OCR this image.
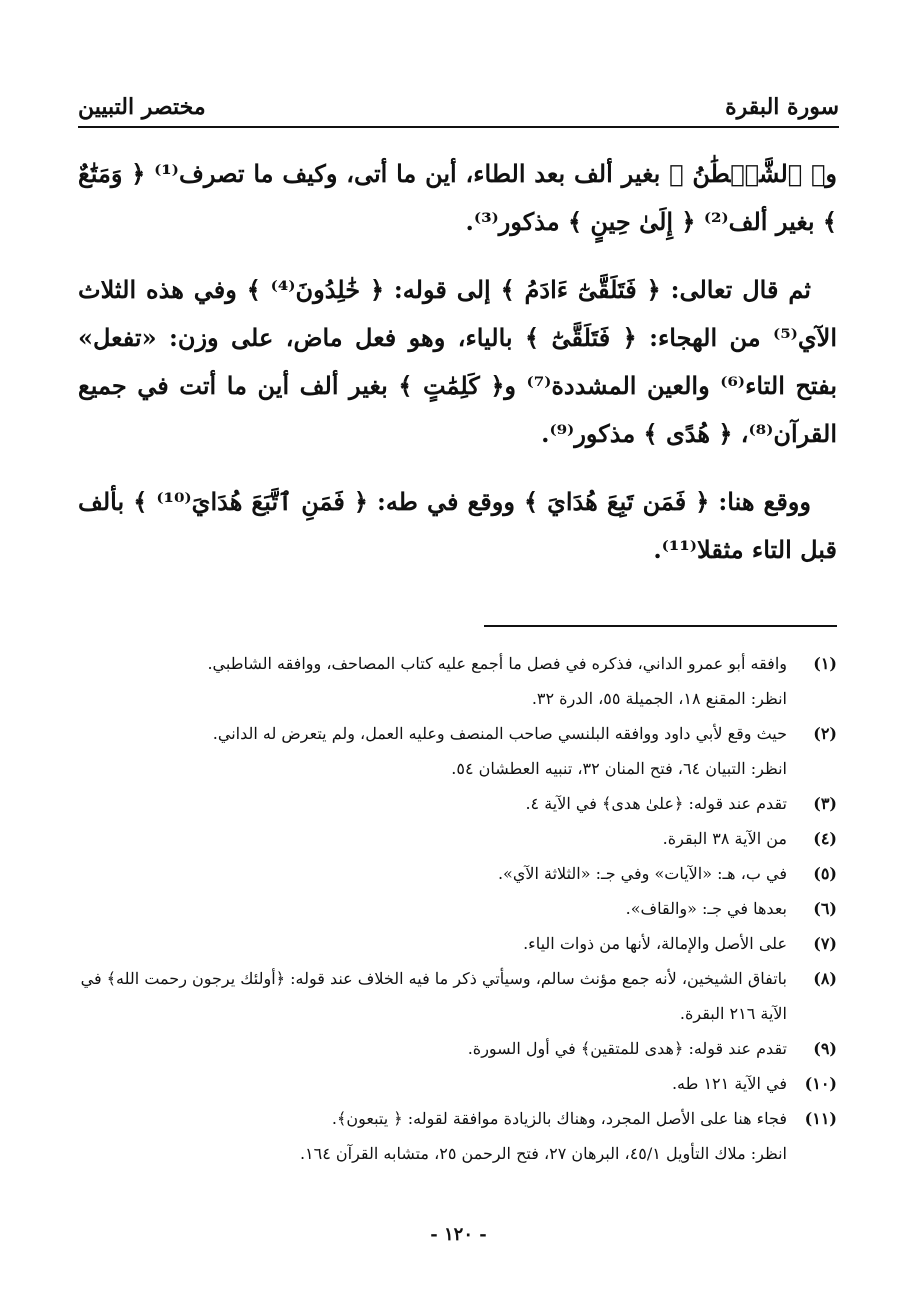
سورة البقرة
مختصر التبيين

و﴿ ٱلشَّيۡطَٰنُ ﴾ بغير ألف بعد الطاء، أين ما أتى، وكيف ما تصرف⁽¹⁾ ﴿ وَمَتَٰعٌ ﴾ بغير ألف⁽²⁾ ﴿ إِلَىٰ حِينٍ ﴾ مذكور⁽³⁾.

ثم قال تعالى: ﴿ فَتَلَقَّىٰٓ ءَادَمُ ﴾ إلى قوله: ﴿ خَٰلِدُونَ⁽⁴⁾ ﴾ وفي هذه الثلاث الآي⁽⁵⁾ من الهجاء: ﴿ فَتَلَقَّىٰٓ ﴾ بالياء، وهو فعل ماض، على وزن: «تفعل» بفتح التاء⁽⁶⁾ والعين المشددة⁽⁷⁾ و﴿ كَلِمَٰتٍ ﴾ بغير ألف أين ما أتت في جميع القرآن⁽⁸⁾، ﴿ هُدًى ﴾ مذكور⁽⁹⁾.

ووقع هنا: ﴿ فَمَن تَبِعَ هُدَايَ ﴾ ووقع في طه: ﴿ فَمَنِ ٱتَّبَعَ هُدَايَ⁽¹⁰⁾ ﴾ بألف قبل التاء مثقلا⁽¹¹⁾.

(١)
وافقه أبو عمرو الداني، فذكره في فصل ما أجمع عليه كتاب المصاحف، ووافقه الشاطبي.
انظر: المقنع ١٨، الجميلة ٥٥، الدرة ٣٢.
(٢)
حيث وقع لأبي داود ووافقه البلنسي صاحب المنصف وعليه العمل، ولم يتعرض له الداني.
انظر: التبيان ٦٤، فتح المنان ٣٢، تنبيه العطشان ٥٤.
(٣)
تقدم عند قوله: ﴿علىٰ هدى﴾ في الآية ٤.
(٤)
من الآية ٣٨ البقرة.
(٥)
في ب، هـ: «الآيات» وفي جـ: «الثلاثة الآي».
(٦)
بعدها في جـ: «والقاف».
(٧)
على الأصل والإمالة، لأنها من ذوات الياء.
(٨)
باتفاق الشيخين، لأنه جمع مؤنث سالم، وسيأتي ذكر ما فيه الخلاف عند قوله: ﴿أولئك يرجون رحمت الله﴾ في الآية ٢١٦ البقرة.
(٩)
تقدم عند قوله: ﴿هدى للمتقين﴾ في أول السورة.
(١٠)
في الآية ١٢١ طه.
(١١)
فجاء هنا على الأصل المجرد، وهناك بالزيادة موافقة لقوله: ﴿ يتبعون﴾.
انظر: ملاك التأويل ٤٥/١، البرهان ٢٧، فتح الرحمن ٢٥، متشابه القرآن ١٦٤.
- ١٢٠ -
